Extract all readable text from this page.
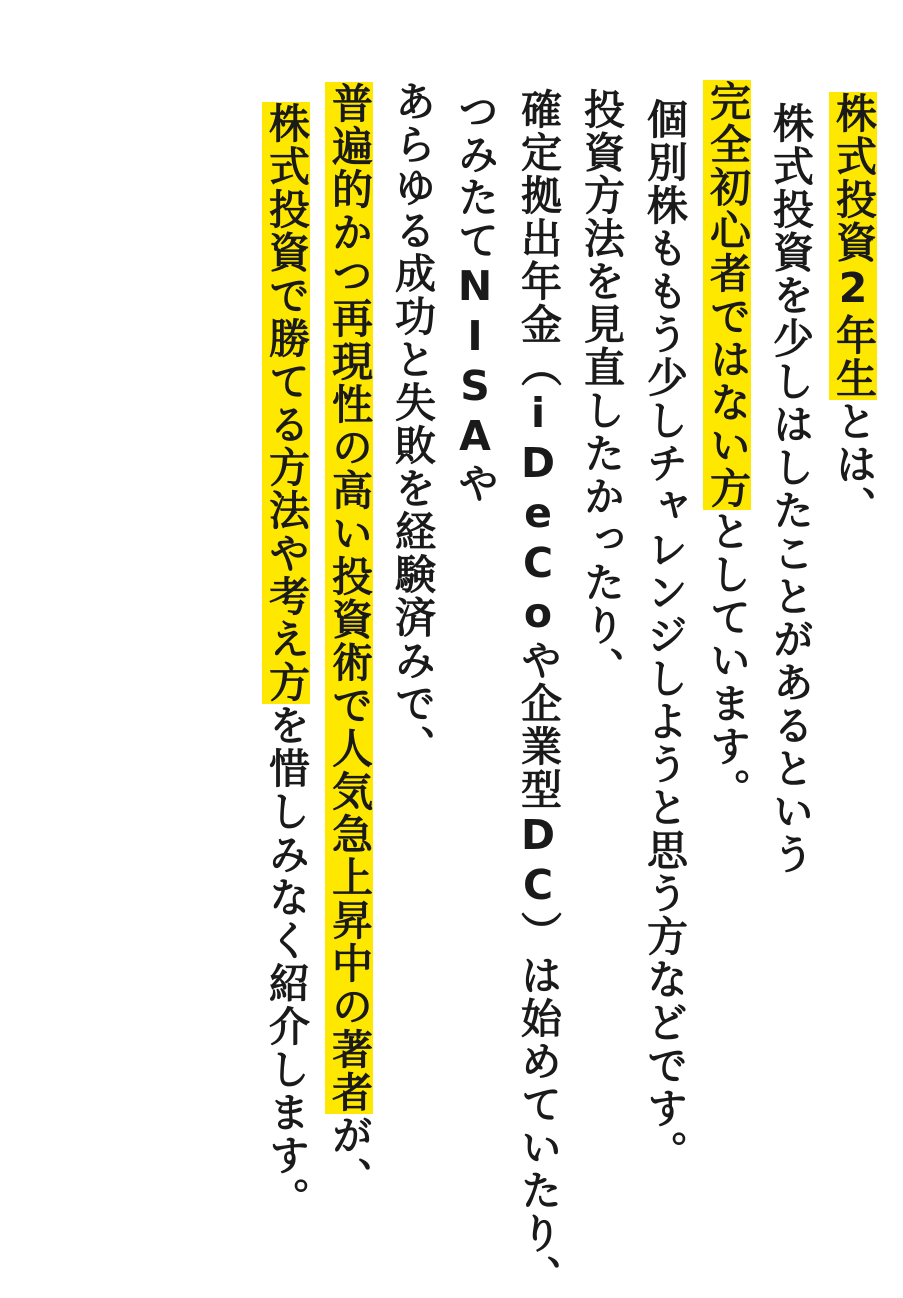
株式投資2年生とは、
株式投資を少しはしたことがあるという
完全初心者ではない方としています。
個別株ももう少しチャレンジしようと思う方などです。
投資方法を見直したかったり、
確定拠出年金（iDeCoや企業型DC）は始めていたり、
つみたてNISAや
あらゆる成功と失敗を経験済みで、
普遍的かつ再現性の高い投資術で人気急上昇中の著者が、
株式投資で勝てる方法や考え方を惜しみなく紹介します。
